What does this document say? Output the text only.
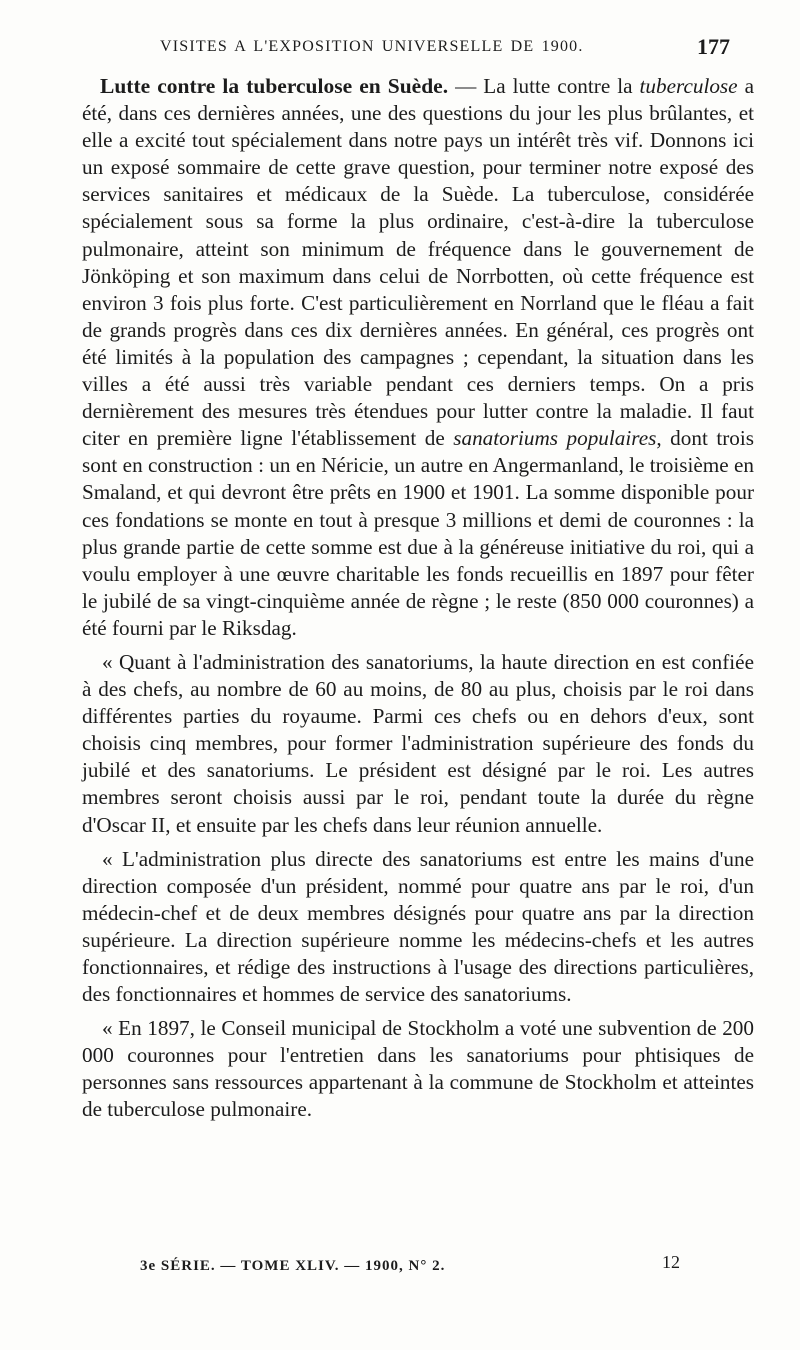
VISITES A L'EXPOSITION UNIVERSELLE DE 1900.	177

Lutte contre la tuberculose en Suède. — La lutte contre la tuberculose a été, dans ces dernières années, une des questions du jour les plus brûlantes, et elle a excité tout spécialement dans notre pays un intérêt très vif. Donnons ici un exposé sommaire de cette grave question, pour terminer notre exposé des services sanitaires et médicaux de la Suède. La tuberculose, considérée spécialement sous sa forme la plus ordinaire, c'est-à-dire la tuberculose pulmonaire, atteint son minimum de fréquence dans le gouvernement de Jönköping et son maximum dans celui de Norrbotten, où cette fréquence est environ 3 fois plus forte. C'est particulièrement en Norrland que le fléau a fait de grands progrès dans ces dix dernières années. En général, ces progrès ont été limités à la population des campagnes ; cependant, la situation dans les villes a été aussi très variable pendant ces derniers temps. On a pris dernièrement des mesures très étendues pour lutter contre la maladie. Il faut citer en première ligne l'établissement de sanatoriums populaires, dont trois sont en construction : un en Néricie, un autre en Angermanland, le troisième en Smaland, et qui devront être prêts en 1900 et 1901. La somme disponible pour ces fondations se monte en tout à presque 3 millions et demi de couronnes : la plus grande partie de cette somme est due à la généreuse initiative du roi, qui a voulu employer à une œuvre charitable les fonds recueillis en 1897 pour fêter le jubilé de sa vingt-cinquième année de règne ; le reste (850 000 couronnes) a été fourni par le Riksdag.

« Quant à l'administration des sanatoriums, la haute direction en est confiée à des chefs, au nombre de 60 au moins, de 80 au plus, choisis par le roi dans différentes parties du royaume. Parmi ces chefs ou en dehors d'eux, sont choisis cinq membres, pour former l'administration supérieure des fonds du jubilé et des sanatoriums. Le président est désigné par le roi. Les autres membres seront choisis aussi par le roi, pendant toute la durée du règne d'Oscar II, et ensuite par les chefs dans leur réunion annuelle.

« L'administration plus directe des sanatoriums est entre les mains d'une direction composée d'un président, nommé pour quatre ans par le roi, d'un médecin-chef et de deux membres désignés pour quatre ans par la direction supérieure. La direction supérieure nomme les médecins-chefs et les autres fonctionnaires, et rédige des instructions à l'usage des directions particulières, des fonctionnaires et hommes de service des sanatoriums.

« En 1897, le Conseil municipal de Stockholm a voté une subvention de 200 000 couronnes pour l'entretien dans les sanatoriums pour phtisiques de personnes sans ressources appartenant à la commune de Stockholm et atteintes de tuberculose pulmonaire.

3e SÉRIE. — TOME XLIV. — 1900, N° 2.	12
